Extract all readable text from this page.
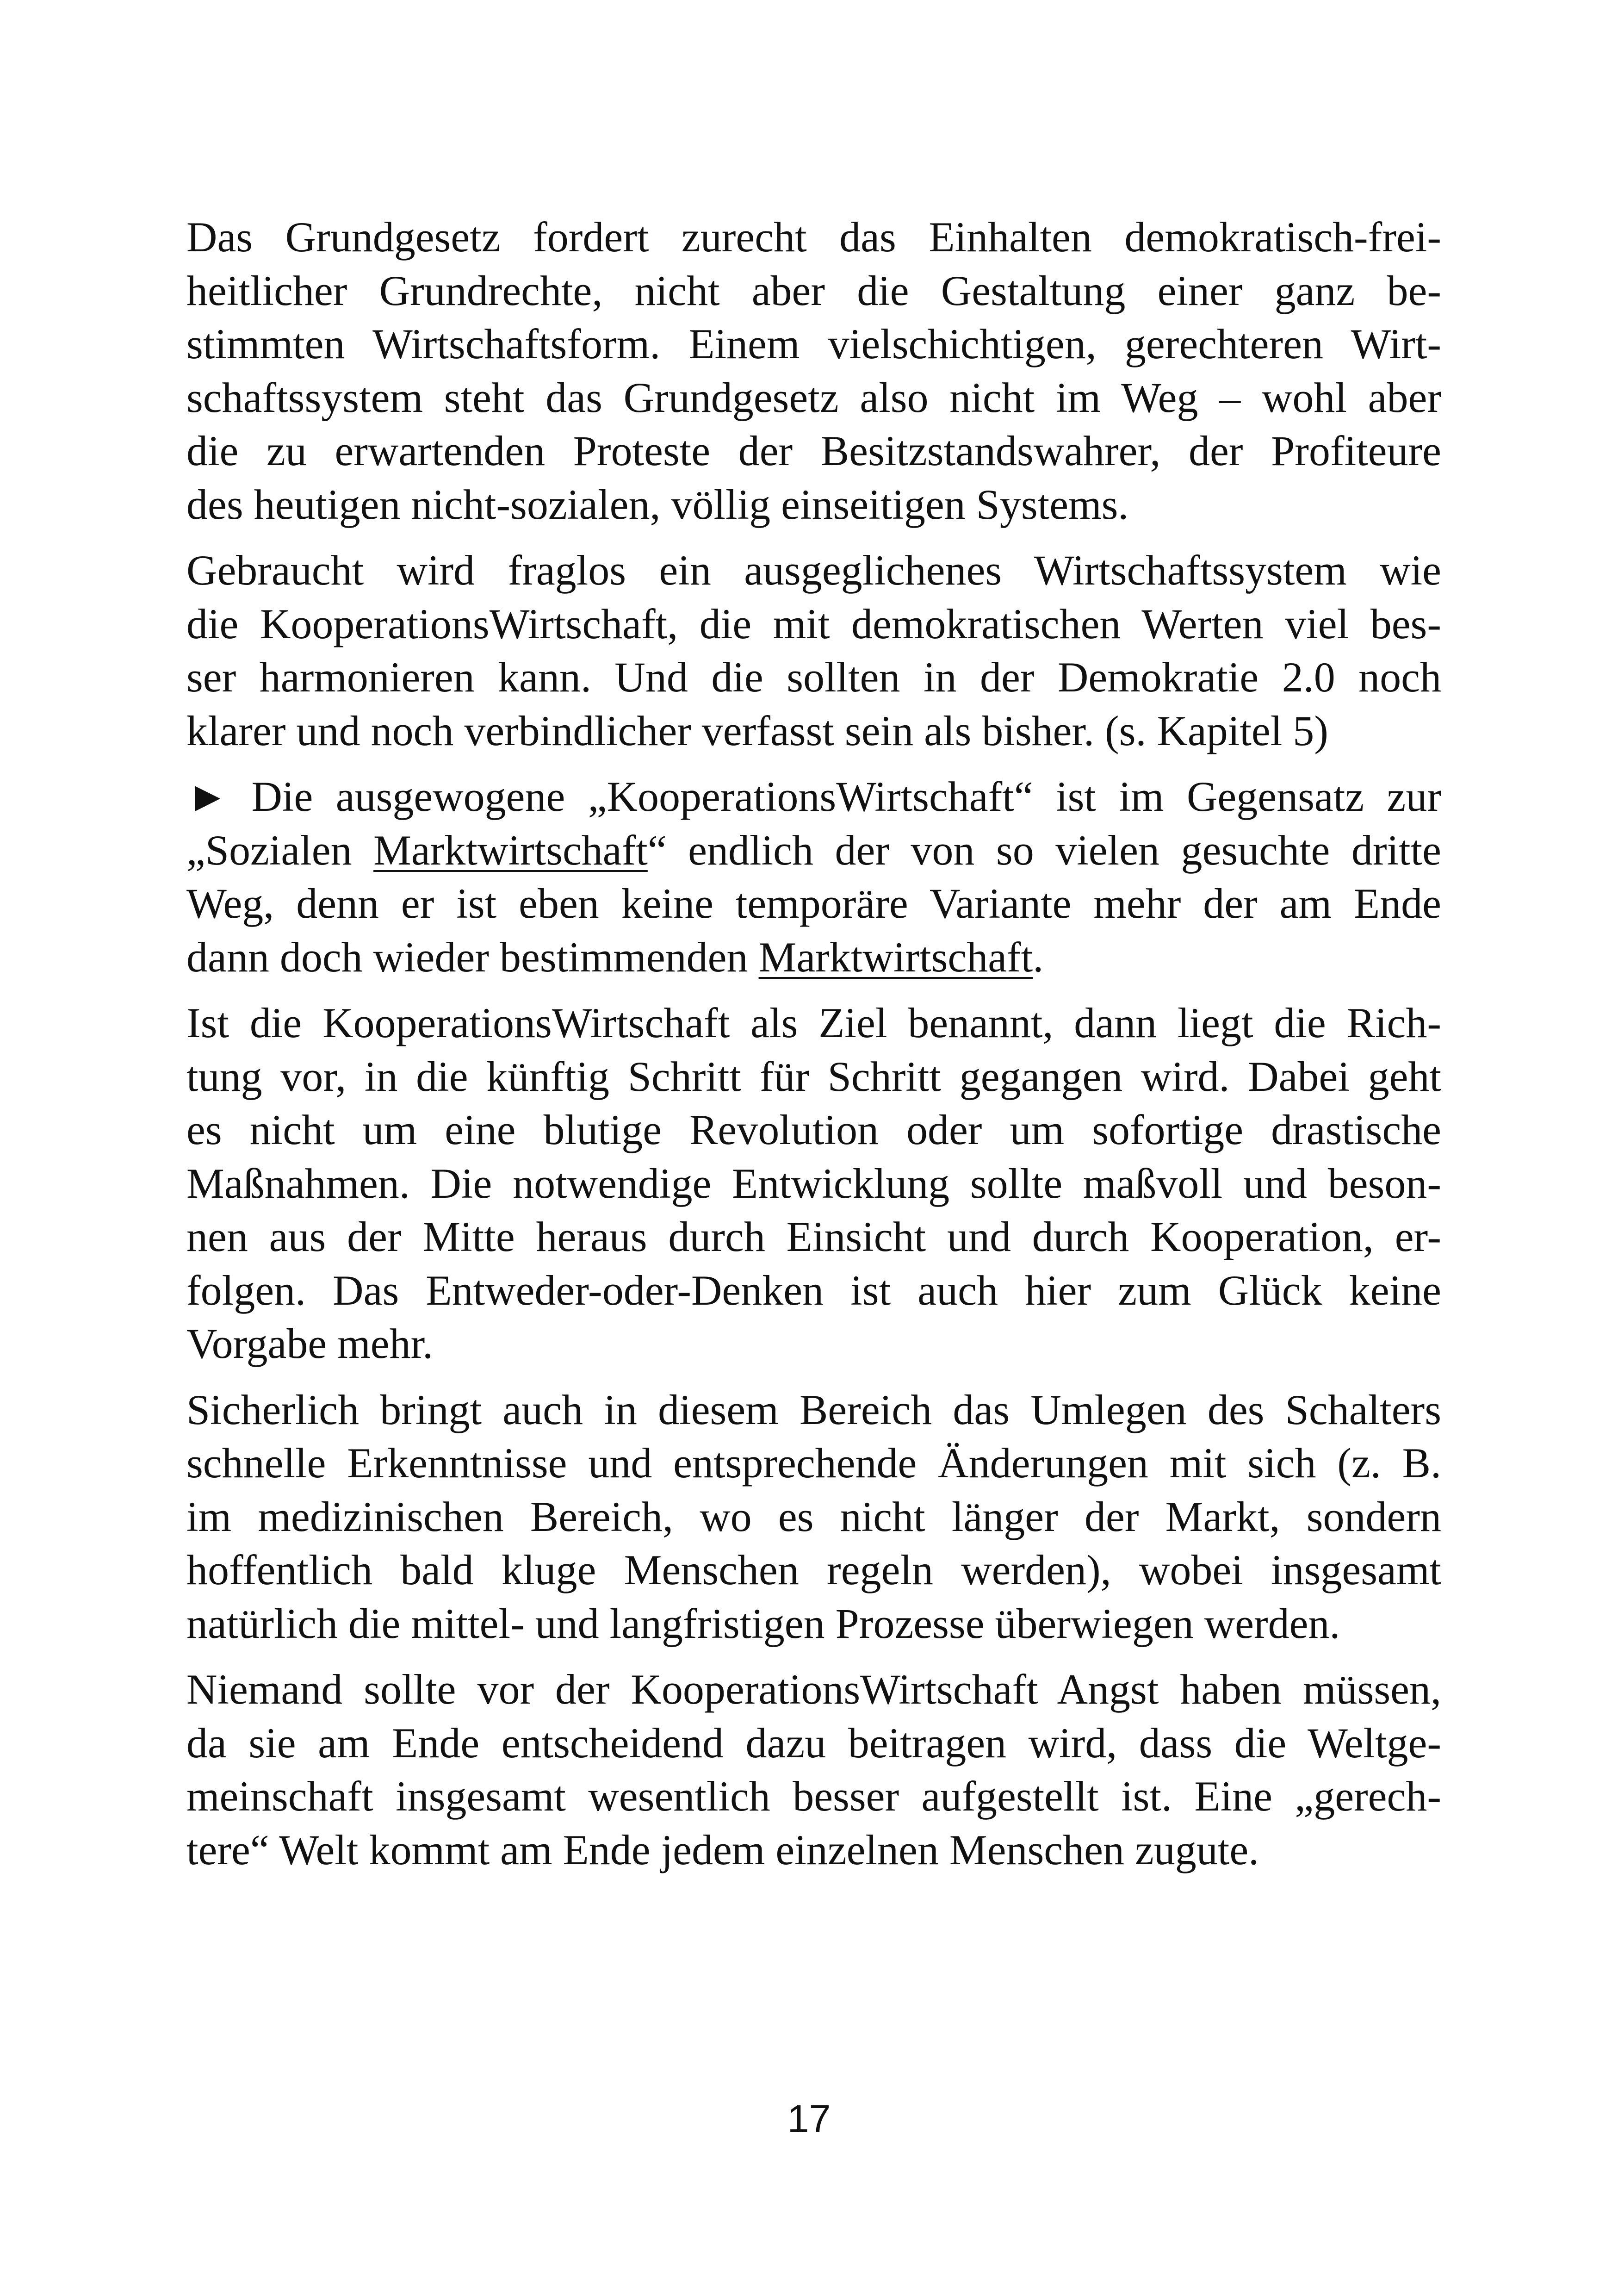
Das Grundgesetz fordert zurecht das Einhalten demokratisch-frei- heitlicher Grundrechte, nicht aber die Gestaltung einer ganz be- stimmten Wirtschaftsform. Einem vielschichtigen, gerechteren Wirt- schaftssystem steht das Grundgesetz also nicht im Weg – wohl aber die zu erwartenden Proteste der Besitzstandswahrer, der Profiteure des heutigen nicht-sozialen, völlig einseitigen Systems.

Gebraucht wird fraglos ein ausgeglichenes Wirtschaftssystem wie die KooperationsWirtschaft, die mit demokratischen Werten viel bes- ser harmonieren kann. Und die sollten in der Demokratie 2.0 noch klarer und noch verbindlicher verfasst sein als bisher. (s. Kapitel 5)

► Die ausgewogene „KooperationsWirtschaft“ ist im Gegensatz zur „Sozialen Marktwirtschaft“ endlich der von so vielen gesuchte dritte Weg, denn er ist eben keine temporäre Variante mehr der am Ende dann doch wieder bestimmenden Marktwirtschaft.

Ist die KooperationsWirtschaft als Ziel benannt, dann liegt die Rich- tung vor, in die künftig Schritt für Schritt gegangen wird. Dabei geht es nicht um eine blutige Revolution oder um sofortige drastische Maßnahmen. Die notwendige Entwicklung sollte maßvoll und beson- nen aus der Mitte heraus durch Einsicht und durch Kooperation, er- folgen. Das Entweder-oder-Denken ist auch hier zum Glück keine Vorgabe mehr.

Sicherlich bringt auch in diesem Bereich das Umlegen des Schalters schnelle Erkenntnisse und entsprechende Änderungen mit sich (z. B. im medizinischen Bereich, wo es nicht länger der Markt, sondern hoffentlich bald kluge Menschen regeln werden), wobei insgesamt natürlich die mittel- und langfristigen Prozesse überwiegen werden.

Niemand sollte vor der KooperationsWirtschaft Angst haben müssen, da sie am Ende entscheidend dazu beitragen wird, dass die Weltge- meinschaft insgesamt wesentlich besser aufgestellt ist. Eine „gerech- tere“ Welt kommt am Ende jedem einzelnen Menschen zugute.

17
